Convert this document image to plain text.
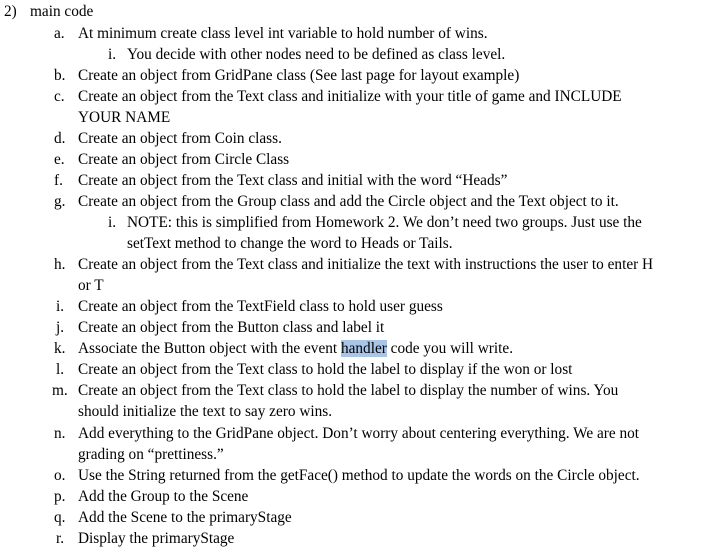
2) main code
a. At minimum create class level int variable to hold number of wins.
i. You decide with other nodes need to be defined as class level.
b. Create an object from GridPane class (See last page for layout example)
c. Create an object from the Text class and initialize with your title of game and INCLUDE
YOUR NAME
d. Create an object from Coin class.
e. Create an object from Circle Class
f. Create an object from the Text class and initial with the word “Heads”
g. Create an object from the Group class and add the Circle object and the Text object to it.
i. NOTE: this is simplified from Homework 2. We don’t need two groups. Just use the
setText method to change the word to Heads or Tails.
h. Create an object from the Text class and initialize the text with instructions the user to enter H
or T
i. Create an object from the TextField class to hold user guess
j. Create an object from the Button class and label it
k. Associate the Button object with the event handler code you will write.
l. Create an object from the Text class to hold the label to display if the won or lost
m. Create an object from the Text class to hold the label to display the number of wins. You
should initialize the text to say zero wins.
n. Add everything to the GridPane object. Don’t worry about centering everything. We are not
grading on “prettiness.”
o. Use the String returned from the getFace() method to update the words on the Circle object.
p. Add the Group to the Scene
q. Add the Scene to the primaryStage
r. Display the primaryStage
